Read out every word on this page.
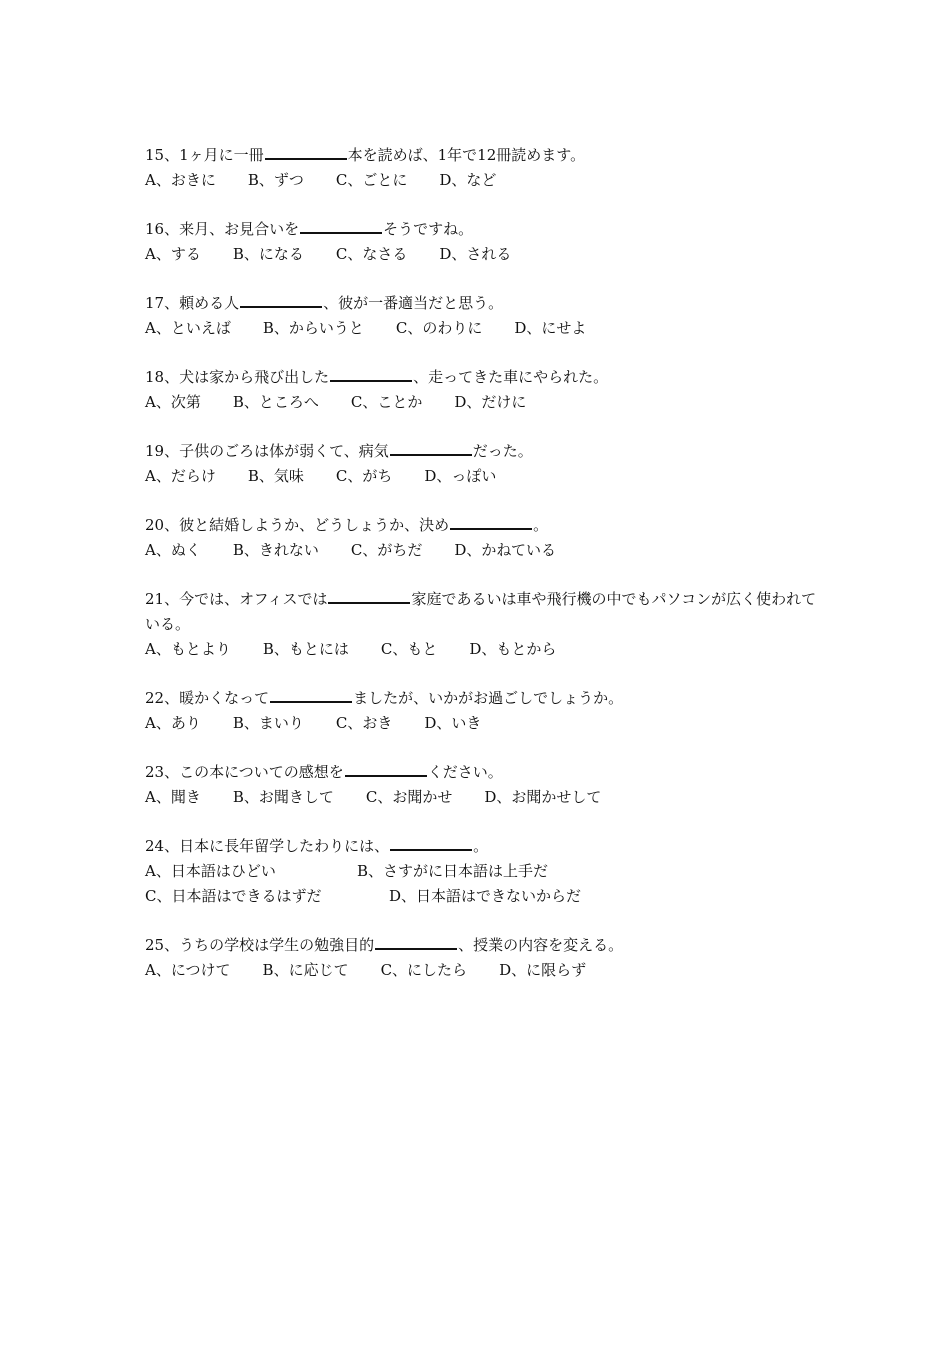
15、1ヶ月に一冊	本を読めば、1年で12冊読めます。
A、おきに B、ずつ C、ごとに D、など
16、来月、お見合いを	そうですね。
A、する B、になる C、なさる D、される
17、頼める人	、彼が一番適当だと思う。
A、といえば B、からいうと C、のわりに D、にせよ
18、犬は家から飛び出した	、走ってきた車にやられた。
A、次第 B、ところへ C、ことか D、だけに
19、子供のごろは体が弱くて、病気	だった。
A、だらけ B、気味 C、がち D、っぽい
20、彼と結婚しようか、どうしょうか、決め	。
A、ぬく B、きれない C、がちだ D、かねている
21、今では、オフィスでは	家庭であるいは車や飛行機の中でもパソコンが広く使われている。
A、もとより B、もとには C、もと D、もとから
22、暖かくなって	ましたが、いかがお過ごしでしょうか。
A、あり B、まいり C、おき D、いき
23、この本についての感想を	ください。
A、聞き B、お聞きして C、お聞かせ D、お聞かせして
24、日本に長年留学したわりには、	。
A、日本語はひどい	B、さすがに日本語は上手だ
C、日本語はできるはずだ	D、日本語はできないからだ
25、うちの学校は学生の勉強目的	、授業の内容を変える。
A、につけて B、に応じて C、にしたら D、に限らず
